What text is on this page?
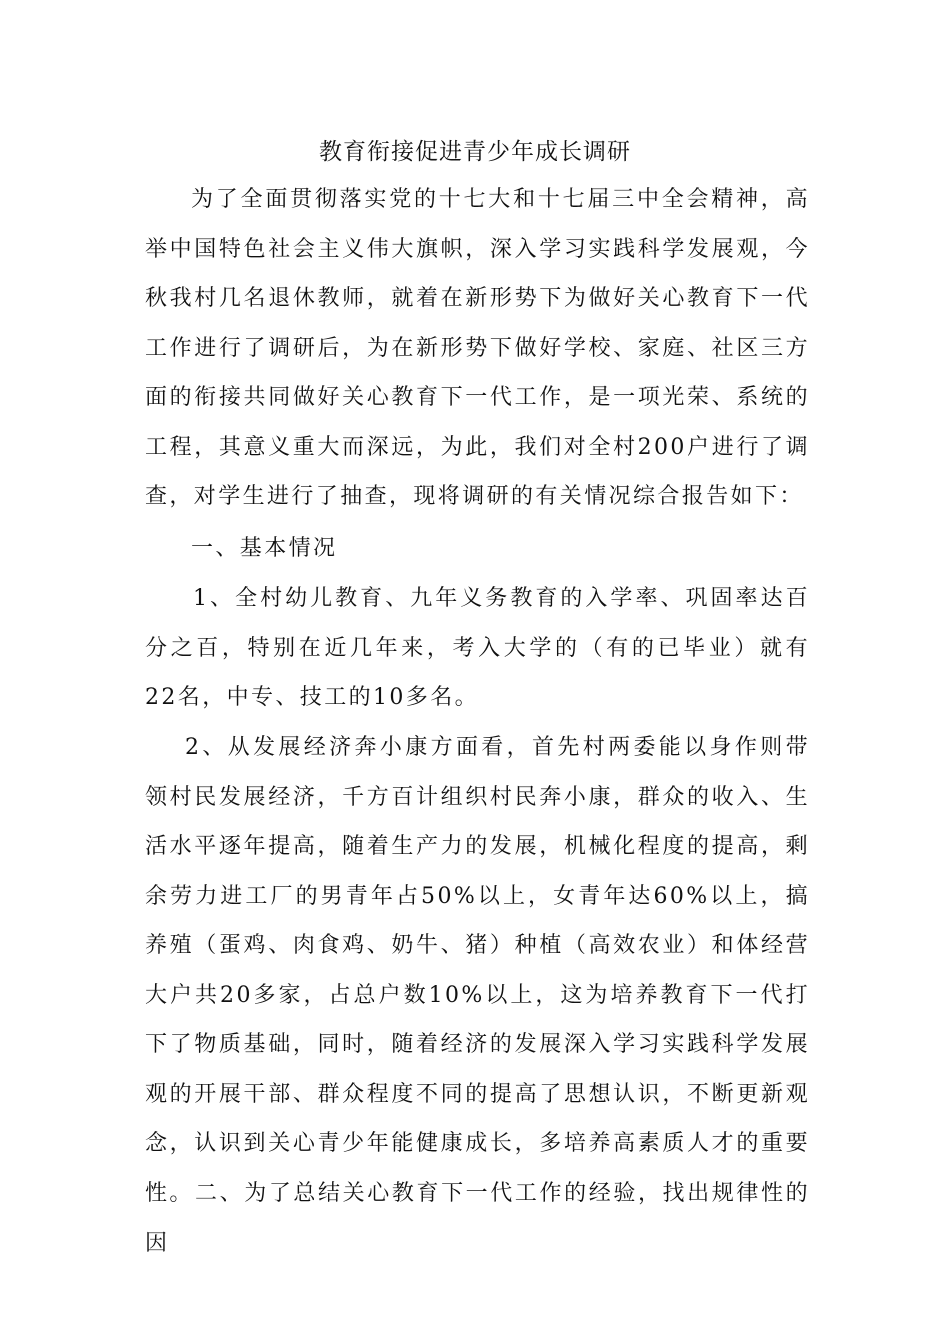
教育衔接促进青少年成长调研

为了全面贯彻落实党的十七大和十七届三中全会精神，高举中国特色社会主义伟大旗帜，深入学习实践科学发展观，今秋我村几名退休教师，就着在新形势下为做好关心教育下一代工作进行了调研后，为在新形势下做好学校、家庭、社区三方面的衔接共同做好关心教育下一代工作，是一项光荣、系统的工程，其意义重大而深远，为此，我们对全村200户进行了调查，对学生进行了抽查，现将调研的有关情况综合报告如下：

一、基本情况

1、全村幼儿教育、九年义务教育的入学率、巩固率达百分之百，特别在近几年来，考入大学的（有的已毕业）就有22名，中专、技工的10多名。

2、从发展经济奔小康方面看，首先村两委能以身作则带领村民发展经济，千方百计组织村民奔小康，群众的收入、生活水平逐年提高，随着生产力的发展，机械化程度的提高，剩余劳力进工厂的男青年占50%以上，女青年达60%以上，搞养殖（蛋鸡、肉食鸡、奶牛、猪）种植（高效农业）和体经营大户共20多家，占总户数10%以上，这为培养教育下一代打下了物质基础，同时，随着经济的发展深入学习实践科学发展观的开展干部、群众程度不同的提高了思想认识，不断更新观念，认识到关心青少年能健康成长，多培养高素质人才的重要性。 二、为了总结关心教育下一代工作的经验，找出规律性的因
